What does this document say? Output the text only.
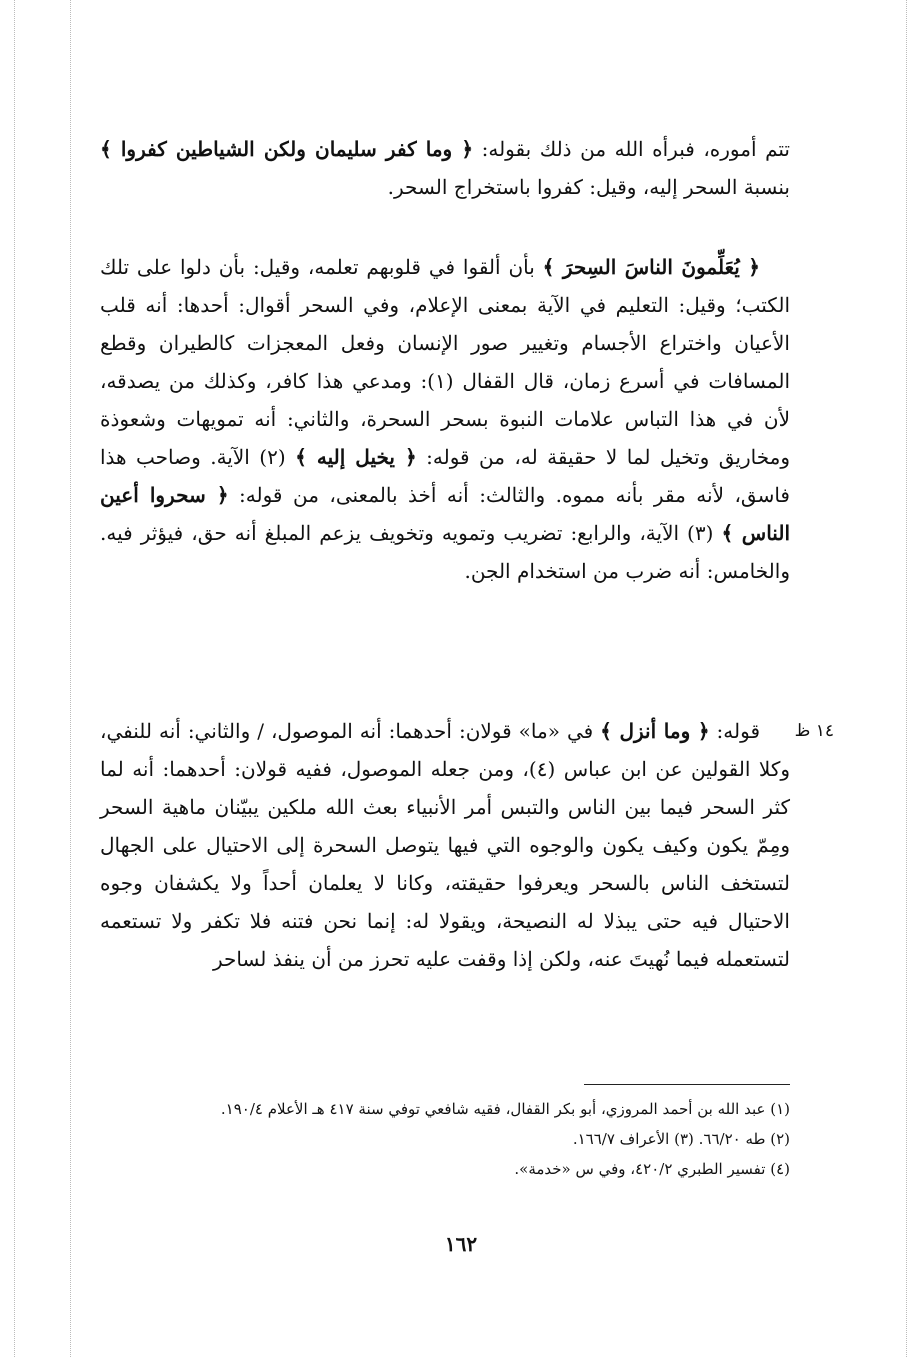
تتم أموره، فبرأه الله من ذلك بقوله: ﴿ وما كفر سليمان ولكن الشياطين كفروا ﴾ بنسبة السحر إليه، وقيل: كفروا باستخراج السحر.

﴿ يُعَلِّمونَ الناسَ السِحرَ ﴾ بأن ألقوا في قلوبهم تعلمه، وقيل: بأن دلوا على تلك الكتب؛ وقيل: التعليم في الآية بمعنى الإعلام، وفي السحر أقوال: أحدها: أنه قلب الأعيان واختراع الأجسام وتغيير صور الإنسان وفعل المعجزات كالطيران وقطع المسافات في أسرع زمان، قال القفال (١): ومدعي هذا كافر، وكذلك من يصدقه، لأن في هذا التباس علامات النبوة بسحر السحرة، والثاني: أنه تمويهات وشعوذة ومخاريق وتخيل لما لا حقيقة له، من قوله: ﴿ يخيل إليه ﴾ (٢) الآية. وصاحب هذا فاسق، لأنه مقر بأنه مموه. والثالث: أنه أخذ بالمعنى، من قوله: ﴿ سحروا أعين الناس ﴾ (٣) الآية، والرابع: تضريب وتمويه وتخويف يزعم المبلغ أنه حق، فيؤثر فيه. والخامس: أنه ضرب من استخدام الجن.

١٤ ظ

قوله: ﴿ وما أنزل ﴾ في «ما» قولان: أحدهما: أنه الموصول، / والثاني: أنه للنفي، وكلا القولين عن ابن عباس (٤)، ومن جعله الموصول، ففيه قولان: أحدهما: أنه لما كثر السحر فيما بين الناس والتبس أمر الأنبياء بعث الله ملكين يبيّنان ماهية السحر ومِمّ يكون وكيف يكون والوجوه التي فيها يتوصل السحرة إلى الاحتيال على الجهال لتستخف الناس بالسحر ويعرفوا حقيقته، وكانا لا يعلمان أحداً ولا يكشفان وجوه الاحتيال فيه حتى يبذلا له النصيحة، ويقولا له: إنما نحن فتنه فلا تكفر ولا تستعمه لتستعمله فيما نُهيتَ عنه، ولكن إذا وقفت عليه تحرز من أن ينفذ لساحر

(١) عبد الله بن أحمد المروزي، أبو بكر القفال، فقيه شافعي توفي سنة ٤١٧ هـ الأعلام ١٩٠/٤.

(٢) طه ٦٦/٢٠. (٣) الأعراف ١٦٦/٧.

(٤) تفسير الطبري ٤٢٠/٢، وفي س «خدمة».

١٦٢
